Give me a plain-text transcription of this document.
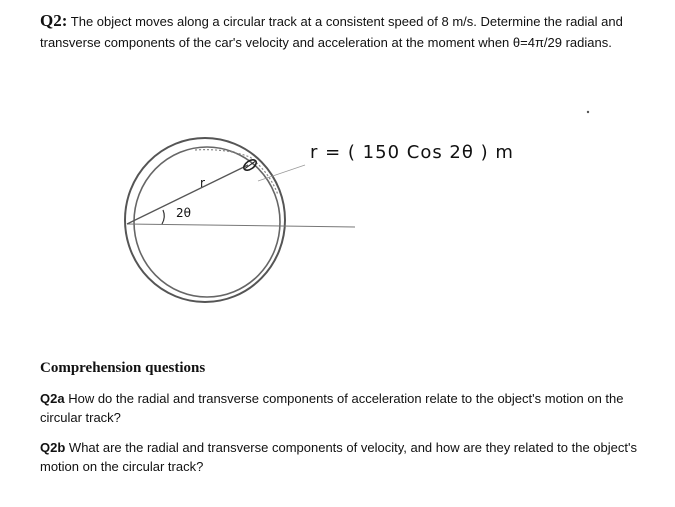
Q2: The object moves along a circular track at a consistent speed of 8 m/s. Determine the radial and transverse components of the car's velocity and acceleration at the moment when θ=4π/29 radians.
r
2θ
r = ( 150 Cos 2θ ) m
Comprehension questions
Q2a How do the radial and transverse components of acceleration relate to the object's motion on the circular track?
Q2b What are the radial and transverse components of velocity, and how are they related to the object's motion on the circular track?
